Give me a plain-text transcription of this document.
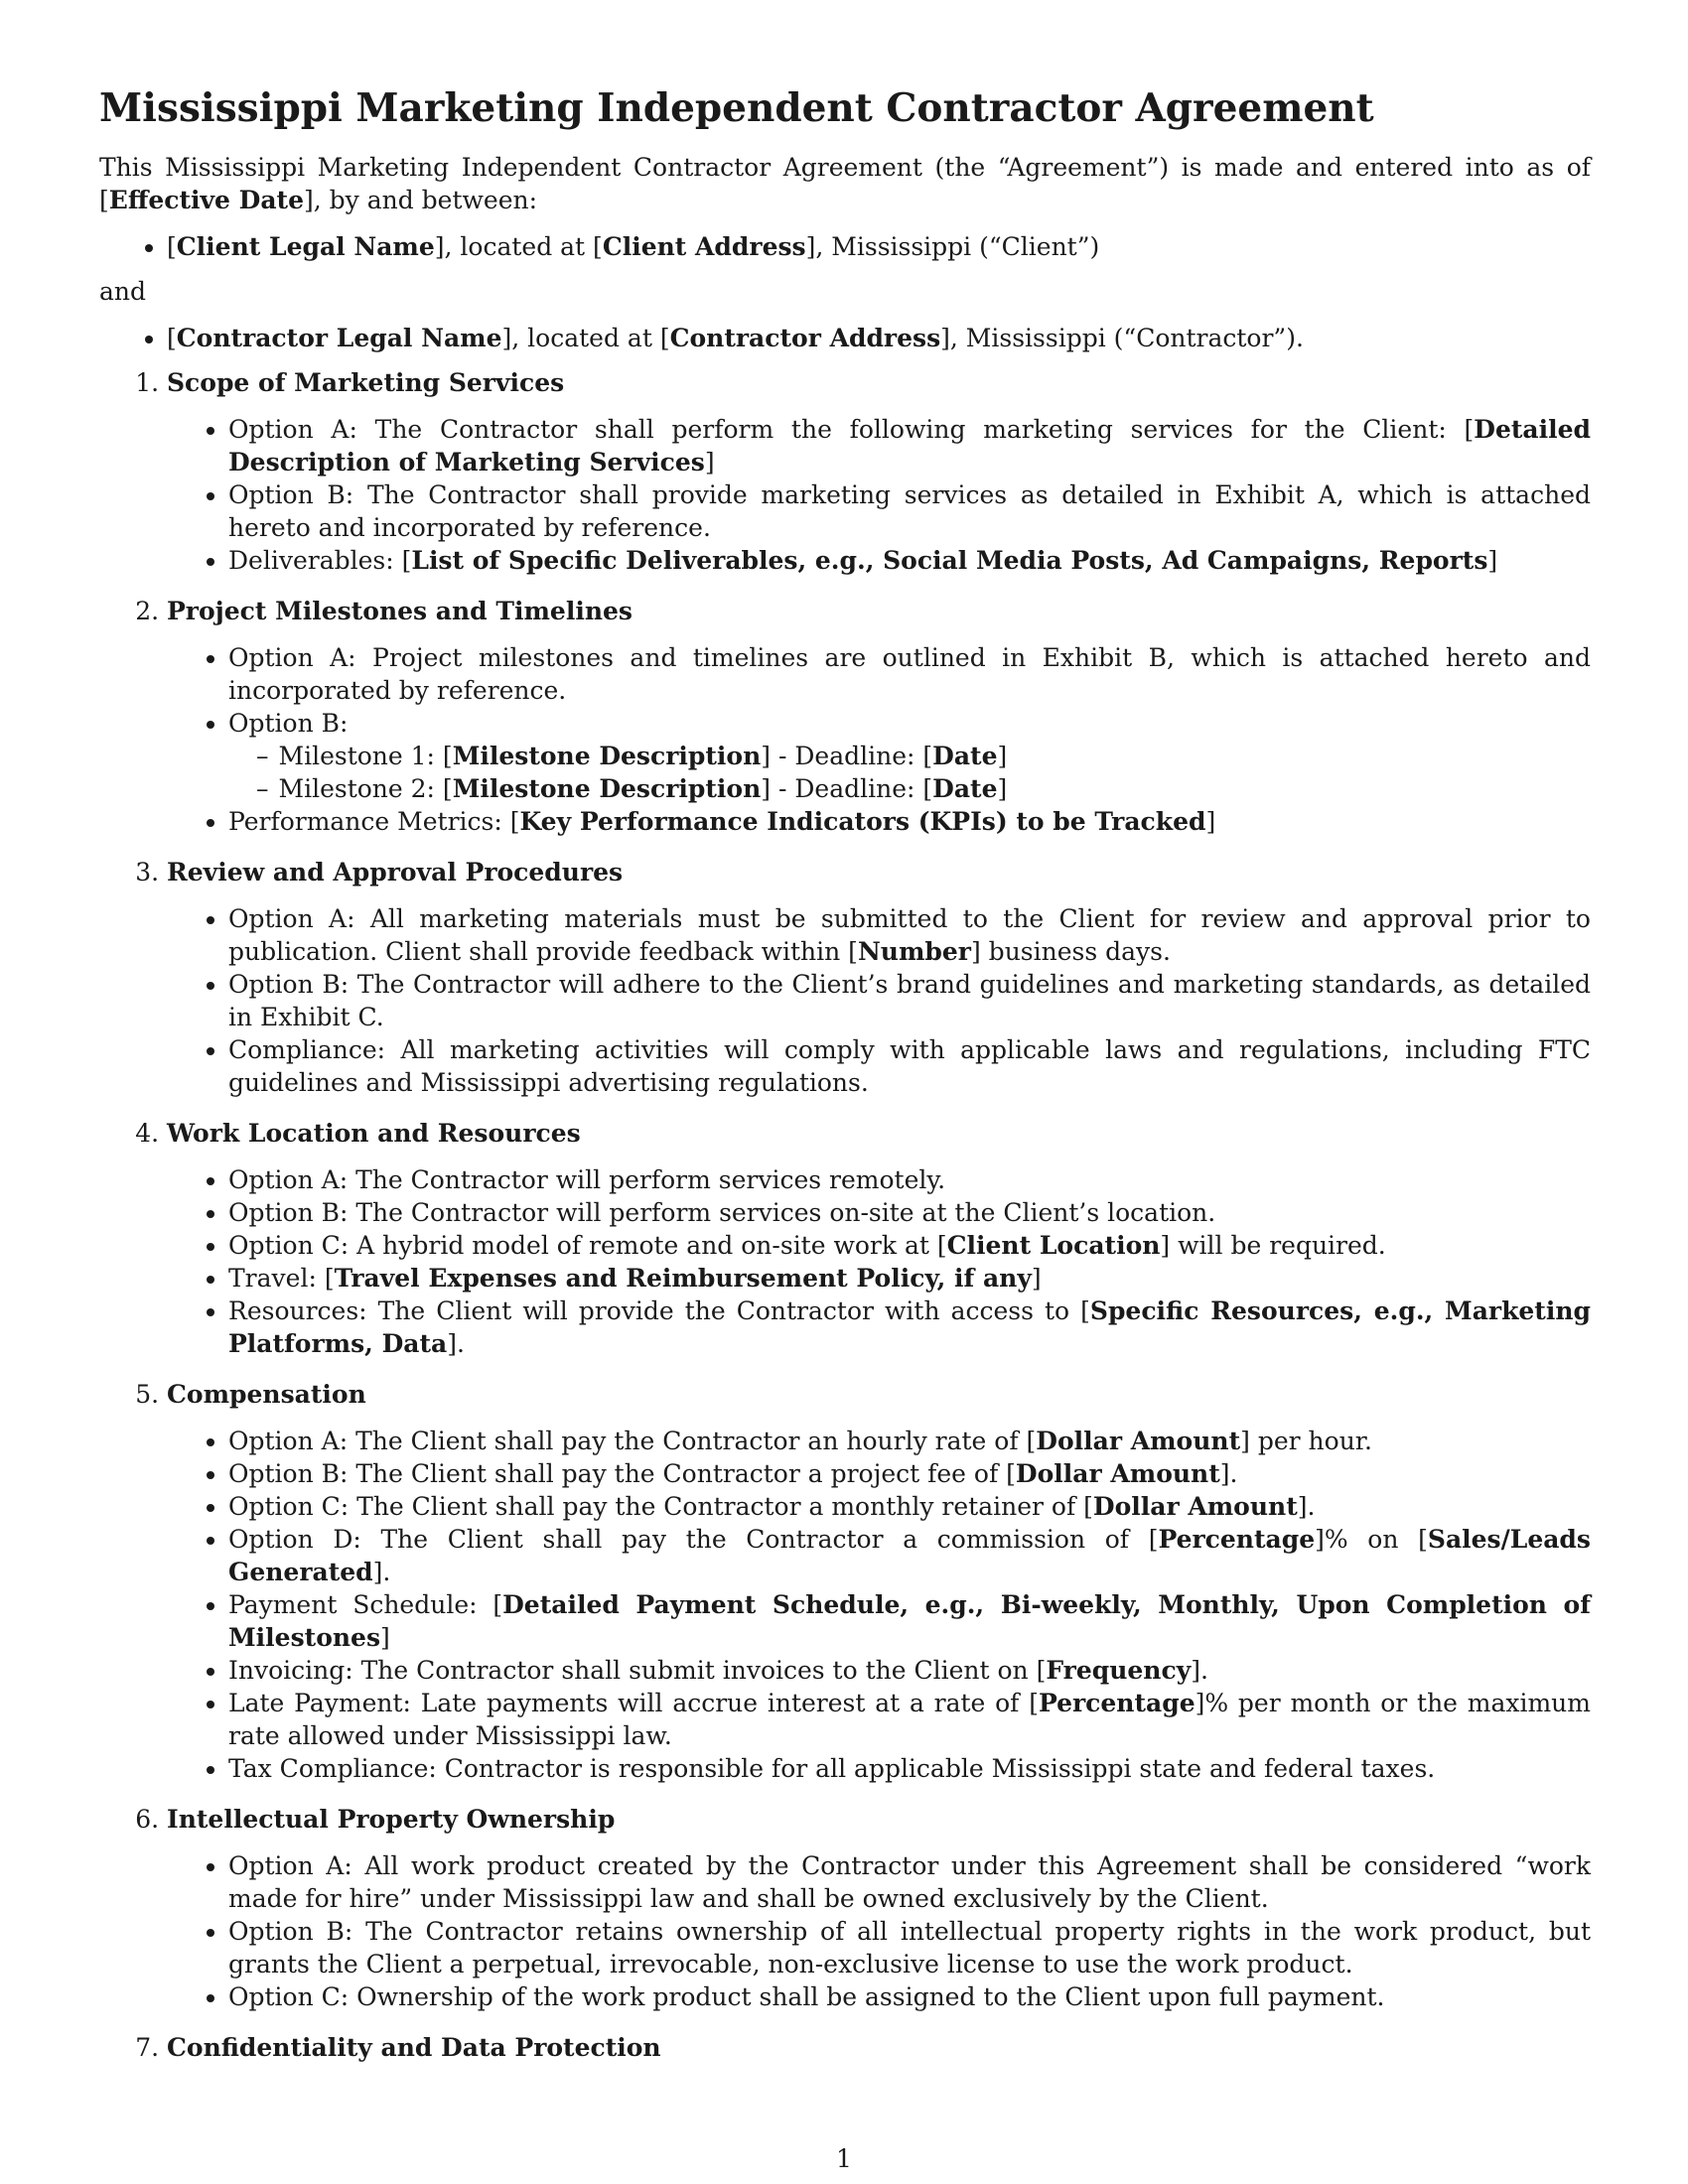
Mississippi Marketing Independent Contractor Agreement

This Mississippi Marketing Independent Contractor Agreement (the “Agreement”) is made and entered into as of [Effective Date], by and between:

• [Client Legal Name], located at [Client Address], Mississippi (“Client”)

and

• [Contractor Legal Name], located at [Contractor Address], Mississippi (“Contractor”).
1. Scope of Marketing Services
• Option A: The Contractor shall perform the following marketing services for the Client: [Detailed Description of Marketing Services]
• Option B: The Contractor shall provide marketing services as detailed in Exhibit A, which is attached hereto and incorporated by reference.
• Deliverables: [List of Specific Deliverables, e.g., Social Media Posts, Ad Campaigns, Reports]
2. Project Milestones and Timelines
• Option A: Project milestones and timelines are outlined in Exhibit B, which is attached hereto and incorporated by reference.
• Option B:
– Milestone 1: [Milestone Description] - Deadline: [Date]
– Milestone 2: [Milestone Description] - Deadline: [Date]
• Performance Metrics: [Key Performance Indicators (KPIs) to be Tracked]
3. Review and Approval Procedures
• Option A: All marketing materials must be submitted to the Client for review and approval prior to publication. Client shall provide feedback within [Number] business days.
• Option B: The Contractor will adhere to the Client’s brand guidelines and marketing standards, as detailed in Exhibit C.
• Compliance: All marketing activities will comply with applicable laws and regulations, including FTC guidelines and Mississippi advertising regulations.
4. Work Location and Resources
• Option A: The Contractor will perform services remotely.
• Option B: The Contractor will perform services on-site at the Client’s location.
• Option C: A hybrid model of remote and on-site work at [Client Location] will be required.
• Travel: [Travel Expenses and Reimbursement Policy, if any]
• Resources: The Client will provide the Contractor with access to [Specific Resources, e.g., Marketing Platforms, Data].
5. Compensation
• Option A: The Client shall pay the Contractor an hourly rate of [Dollar Amount] per hour.
• Option B: The Client shall pay the Contractor a project fee of [Dollar Amount].
• Option C: The Client shall pay the Contractor a monthly retainer of [Dollar Amount].
• Option D: The Client shall pay the Contractor a commission of [Percentage]% on [Sales/Leads Generated].
• Payment Schedule: [Detailed Payment Schedule, e.g., Bi-weekly, Monthly, Upon Completion of Milestones]
• Invoicing: The Contractor shall submit invoices to the Client on [Frequency].
• Late Payment: Late payments will accrue interest at a rate of [Percentage]% per month or the maximum rate allowed under Mississippi law.
• Tax Compliance: Contractor is responsible for all applicable Mississippi state and federal taxes.
6. Intellectual Property Ownership
• Option A: All work product created by the Contractor under this Agreement shall be considered “work made for hire” under Mississippi law and shall be owned exclusively by the Client.
• Option B: The Contractor retains ownership of all intellectual property rights in the work product, but grants the Client a perpetual, irrevocable, non-exclusive license to use the work product.
• Option C: Ownership of the work product shall be assigned to the Client upon full payment.
7. Confidentiality and Data Protection
1
